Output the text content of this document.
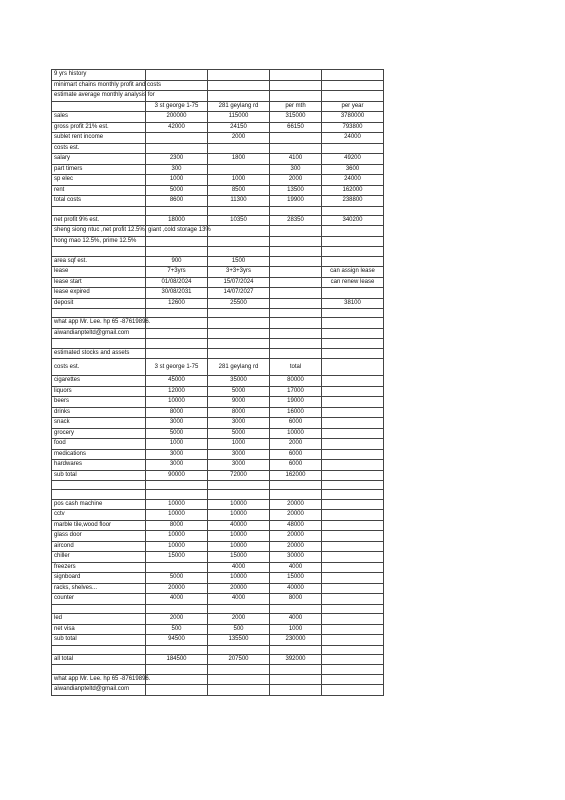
9 yrs history				
minimart chains monthly profit and costs				
estimate average monthly analysis for				
	3 st george 1-75	281 geylang rd	per mth	per year
sales	200000	115000	315000	3780000
gross profit 21% est.	42000	24150	66150	793800
sublet rent income		2000		24000
costs est.				
salary	2300	1800	4100	49200
part timers	300		300	3600
sp elec	1000	1000	2000	24000
rent	5000	8500	13500	162000
total costs	8600	11300	19900	238800

net profit 9% est.	18000	10350	28350	340200
sheng siong ntuc ,net profit 12.5%, giant ,cold storage 13%				
hong mao 12.5%, prime 12.5%				

area sqf est.	900	1500		
lease	7+3yrs	3+3+3yrs		can assign lease
lease start	01/08/2024	15/07/2024		can renew lease
lease expired	30/08/2031	14/07/2027		
deposit	12600	25500		38100

what app Mr. Lee. hp 65 -87619896.				
aiwandianpteltd@gmail.com				

estimated stocks and assets				
costs est.	3 st george 1-75	281 geylang rd	total	
cigarettes	45000	35000	80000	
liquors	12000	5000	17000	
beers	10000	9000	19000	
drinks	8000	8000	16000	
snack	3000	3000	6000	
grocery	5000	5000	10000	
food	1000	1000	2000	
medications	3000	3000	6000	
hardwares	3000	3000	6000	
sub total	90000	72000	162000	

pos cash machine	10000	10000	20000	
cctv	10000	10000	20000	
marble tile,wood floor	8000	40000	48000	
glass door	10000	10000	20000	
aircond	10000	10000	20000	
chiller	15000	15000	30000	
freezers		4000	4000	
signboard	5000	10000	15000	
racks, shelves...	20000	20000	40000	
counter	4000	4000	8000	

led	2000	2000	4000	
net visa	500	500	1000	
sub total	94500	135500	230000	

all total	184500	207500	392000	

what app Mr. Lee. hp 65 -87619896.				
aiwandianpteltd@gmail.com				
